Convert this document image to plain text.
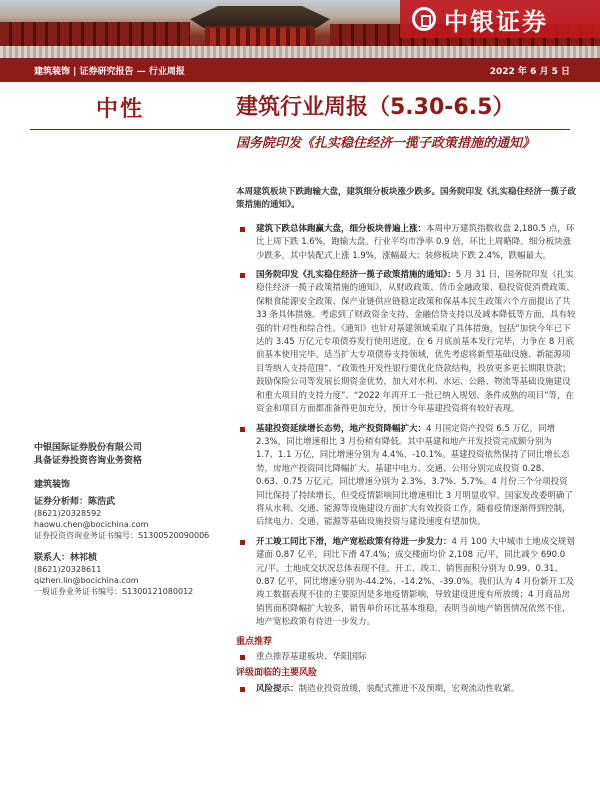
中银证券
建筑装饰 | 证券研究报告 — 行业周报	2022 年 6 月 5 日
中性	建筑行业周报（5.30-6.5）
国务院印发《扎实稳住经济一揽子政策措施的通知》
中银国际证券股份有限公司
具备证券投资咨询业务资格
建筑装饰
证券分析师：陈浩武
(8621)20328592
haowu.chen@bocichina.com
证券投资咨询业务证书编号：S1300520090006
联系人：林祁桢
(8621)20328611
qizhen.lin@bocichina.com
一般证券业务证书编号：S1300121080012

本周建筑板块下跌跑输大盘，建筑细分板块涨少跌多。国务院印发《扎实稳住经济一揽子政策措施的通知》。

建筑下跌总体跑赢大盘，细分板块普遍上涨：本周申万建筑指数收盘 2,180.5 点，环比上周下跌 1.6%，跑输大盘。行业平均市净率 0.9 倍，环比上周略降。细分板块涨少跌多，其中装配式上涨 1.9%，涨幅最大；装修板块下跌 2.4%，跌幅最大。
国务院印发《扎实稳住经济一揽子政策措施的通知》：5 月 31 日，国务院印发《扎实稳住经济一揽子政策措施的通知》，从财政政策、货币金融政策、稳投资促消费政策、保粮食能源安全政策、保产业链供应链稳定政策和保基本民生政策六个方面提出了共 33 条具体措施。考虑到了财政资金支持、金融信贷支持以及减本降低等方面，具有较强的针对性和综合性。《通知》也针对基建领域采取了具体措施，包括“加快今年已下达的 3.45 万亿元专项债券发行使用进度，在 6 月底前基本发行完毕，力争在 8 月底前基本使用完毕。适当扩大专项债券支持领域，优先考虑将新型基础设施、新能源项目等纳入支持范围”、“政策性开发性银行要优化贷款结构，投放更多更长期限贷款；鼓励保险公司等发展长期资金优势，加大对水利、水运、公路、物流等基础设施建设和重大项目的支持力度”、“2022 年再开工一批已纳入规划、条件成熟的项目”等，在资金和项目方面都准备得更加充分，预计今年基建投资将有较好表现。
基建投资延续增长态势，地产投资降幅扩大：4 月国定资产投资 6.5 万亿，同增 2.3%，同比增速相比 3 月份稍有降低。其中基建和地产开发投资完成额分别为 1.7、1.1 万亿，同比增速分别为 4.4%、-10.1%。基建投资依然保持了同比增长态势，房地产投资同比降幅扩大。基建中电力、交通、公用分别完成投资 0.28、0.63、0.75 万亿元，同比增速分别为 2.3%、3.7%、5.7%。4 月份三个分项投资同比保持了持续增长，但受疫情影响同比增速相比 3 月明显收窄。国家发改委明确了将从水利、交通、能源等设施建设方面扩大有效投资工作，随着疫情逐渐得到控制，后续电力、交通、能源等基础设施投资与建设速度有望加快。
开工竣工同比下滑，地产宽松政策有待进一步发力：4 月 100 大中城市土地成交规划建面 0.87 亿平，同比下滑 47.4%；成交楼面均价 2,108 元/平，同比减少 690.0 元/平。土地成交状况总体表现不佳。开工、竣工、销售面积分别为 0.99、0.31、0.87 亿平，同比增速分别为-44.2%、-14.2%、-39.0%。我们认为 4 月份新开工及竣工数据表现不佳的主要原因是多地疫情影响，导致建设进度有所放缓；4 月商品房销售面积降幅扩大较多，销售单价环比基本维稳，表明当前地产销售情况依然不佳，地产宽松政策有待进一步发力。
重点推荐
重点推荐基建板块、华阳国际
评级面临的主要风险
风险提示：制造业投资放缓，装配式推进不及预期，宏观流动性收紧。
